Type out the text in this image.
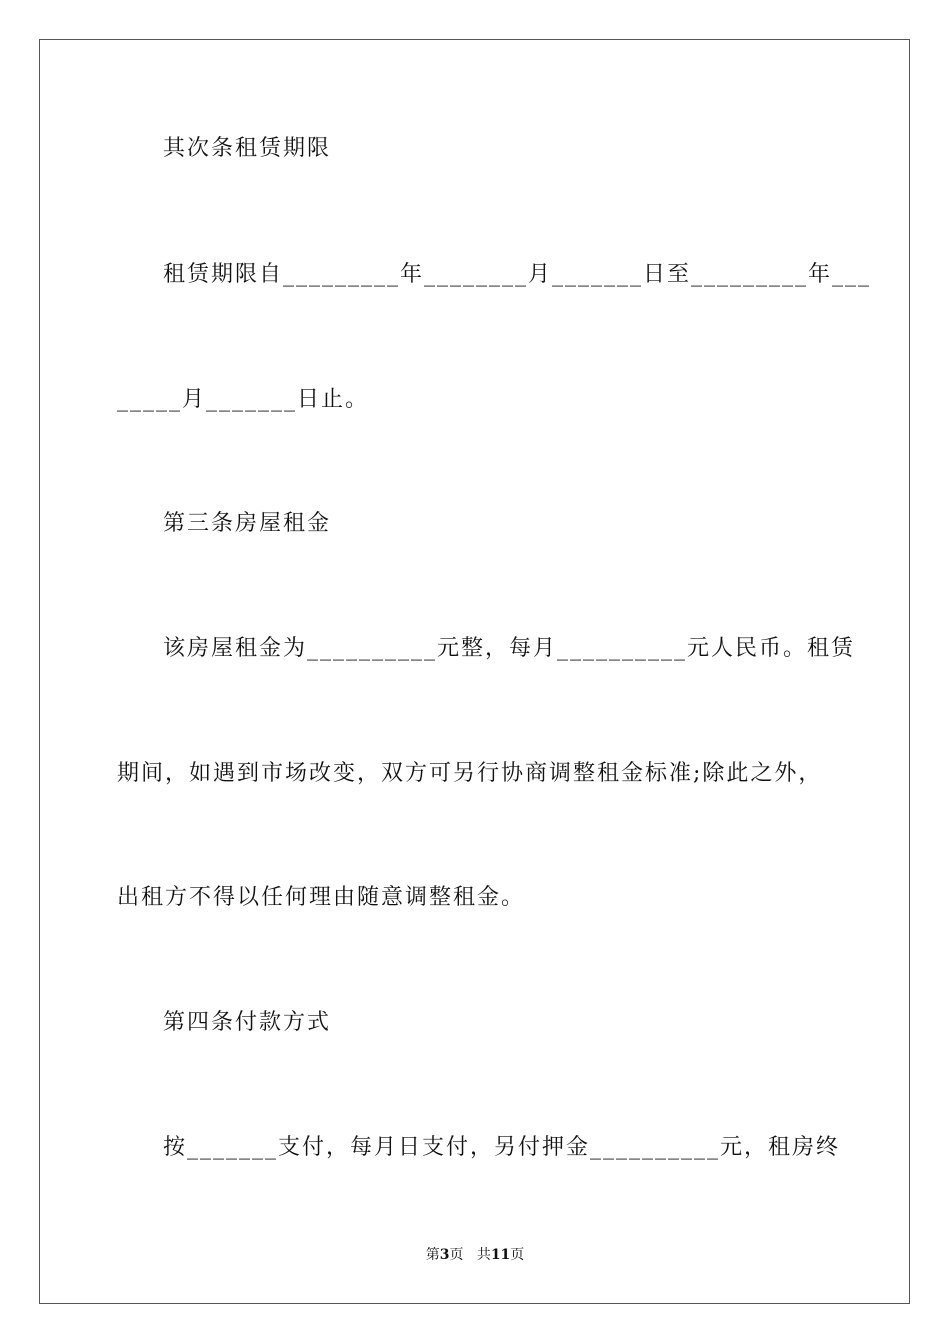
其次条租赁期限
租赁期限自_________年________月_______日至_________年___
_____月_______日止。
第三条房屋租金
该房屋租金为__________元整，每月__________元人民币。租赁
期间，如遇到市场改变，双方可另行协商调整租金标准;除此之外，
出租方不得以任何理由随意调整租金。
第四条付款方式
按_______支付，每月日支付，另付押金__________元，租房终
第3页 共11页
